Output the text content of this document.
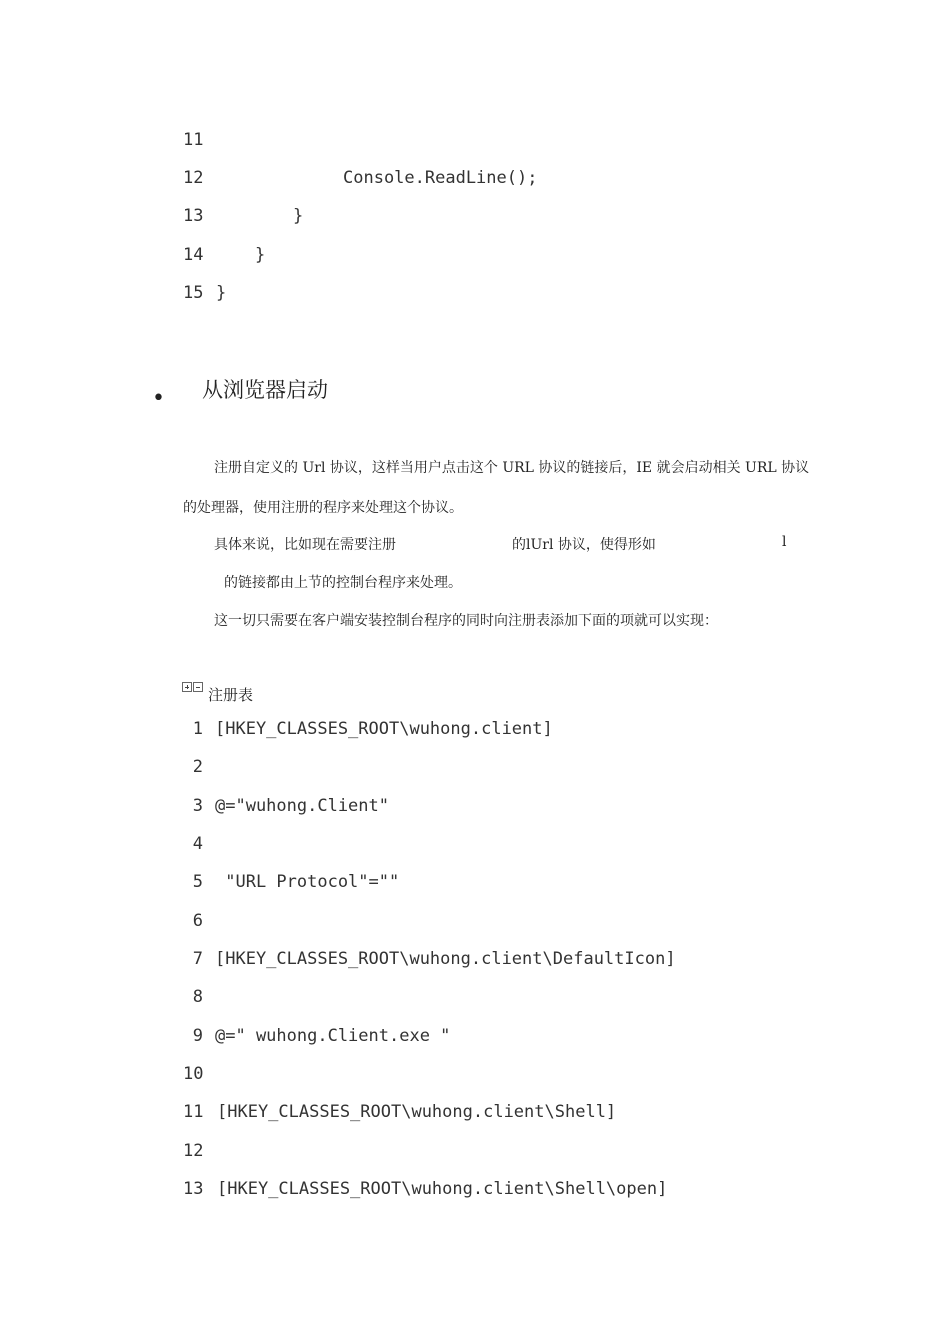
11
12	Console.ReadLine();
13	}
14	}
15 }
• 从浏览器启动
注册自定义的 Url 协议，这样当用户点击这个 URL 协议的链接后，IE 就会启动相关 URL 协议
的处理器，使用注册的程序来处理这个协议。
具体来说，比如现在需要注册	的lUrl 协议，使得形如	l
的链接都由上节的控制台程序来处理。
这一切只需要在客户端安装控制台程序的同时向注册表添加下面的项就可以实现：
注册表
1 [HKEY_CLASSES_ROOT\wuhong.client]
2
3 @="wuhong.Client"
4
5 "URL Protocol"=""
6
7 [HKEY_CLASSES_ROOT\wuhong.client\DefaultIcon]
8
9 @=" wuhong.Client.exe "
10
11 [HKEY_CLASSES_ROOT\wuhong.client\Shell]
12
13 [HKEY_CLASSES_ROOT\wuhong.client\Shell\open]
